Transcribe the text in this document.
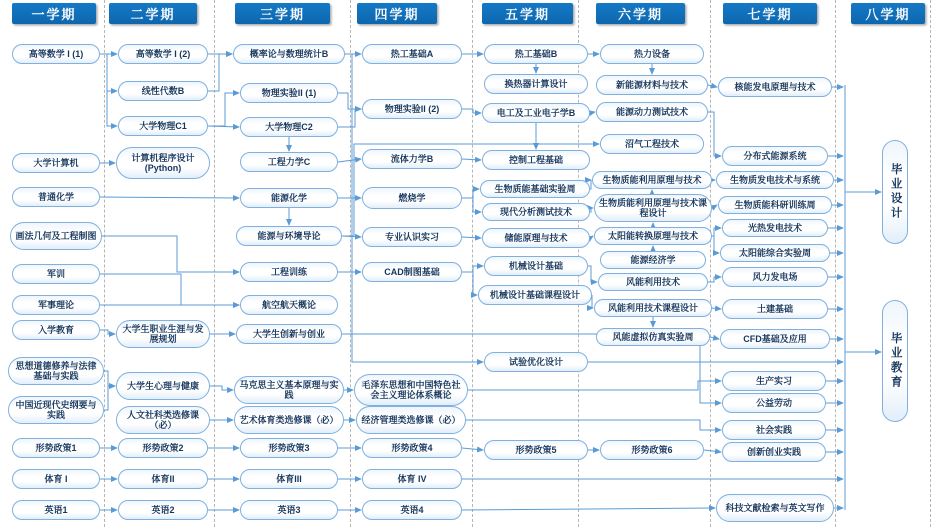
一学期	二学期	三学期	四学期	五学期	六学期	七学期	八学期
高等数学 I (1)
大学计算机
普通化学
画法几何及工程制图
军训
军事理论
入学教育
思想道德修养与法律基础与实践
中国近现代史纲要与实践
形势政策1
体育 I
英语1
高等数学 I (2)
线性代数B
大学物理C1
计算机程序设计 (Python)
大学生职业生涯与发展规划
大学生心理与健康
人文社科类选修课（必）
形势政策2
体育II
英语2
概率论与数理统计B
物理实验II (1)
大学物理C2
工程力学C
能源化学
能源与环境导论
工程训练
航空航天概论
大学生创新与创业
马克思主义基本原理与实践
艺术体育类选修课（必）
形势政策3
体育III
英语3
热工基础A
物理实验II (2)
流体力学B
燃烧学
专业认识实习
CAD制图基础
毛泽东思想和中国特色社会主义理论体系概论
经济管理类选修课（必）
形势政策4
体育 IV
英语4
热工基础B
换热器计算设计
电工及工业电子学B
控制工程基础
生物质能基础实验周
现代分析测试技术
储能原理与技术
机械设计基础
机械设计基础课程设计
试验优化设计
形势政策5
热力设备
新能源材料与技术
能源动力测试技术
沼气工程技术
生物质能利用原理与技术
生物质能利用原理与技术课程设计
太阳能转换原理与技术
能源经济学
风能利用技术
风能利用技术课程设计
风能虚拟仿真实验周
形势政策6
核能发电原理与技术
分布式能源系统
生物质发电技术与系统
生物质能科研训练周
光热发电技术
太阳能综合实验周
风力发电场
土建基础
CFD基础及应用
生产实习
公益劳动
社会实践
创新创业实践
科技文献检索与英文写作
毕业设计
毕业教育
